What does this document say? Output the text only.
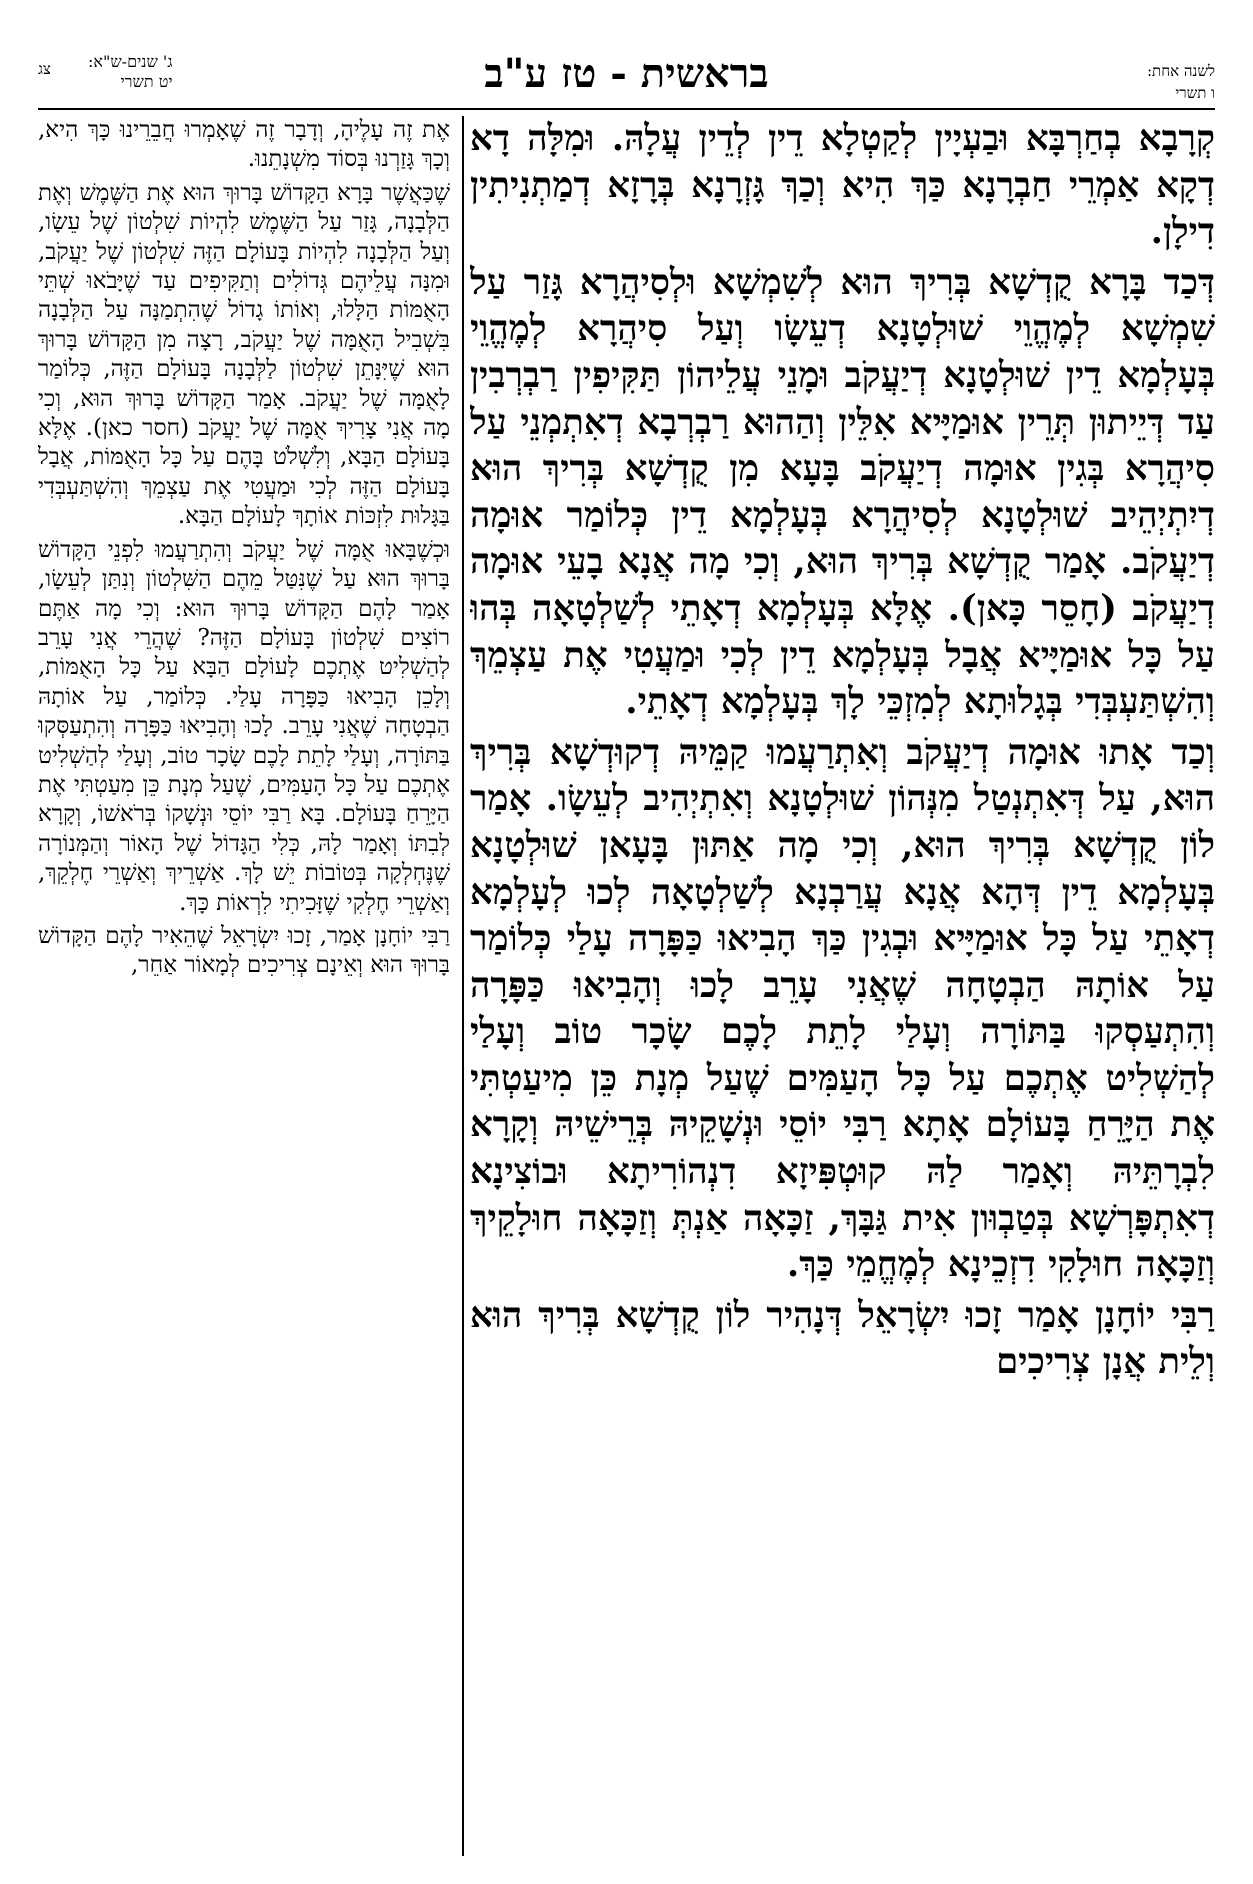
לשנה אחת:
ו תשרי
בראשית - טז ע"ב
צג ג' שנים-ש"א:
יט תשרי

קְרָבָא בְחַרְבָּא וּבַעְיָין לְקַטְלָא דֵין לְדֵין עֲלָהּ. וּמִלָּה דָא דְקָא אַמְרֵי חַבְרָנָא כַּךְ הִיא וְכַךְ גָּזְרָנָא בְּרָזָא דְמַתְנִיתִין דִילָן.

דְּכַד בָּרָא קֻדְשָׁא בְּרִיךְ הוּא לְשִׁמְשָׁא וּלְסִיהֲרָא גָּזַר עַל שִׁמְשָׁא לְמֶהֱוֵי שׁוּלְטָנָא דְעֵשָׂו וְעַל סִיהֲרָא לְמֶהֱוֵי בְּעָלְמָא דֵין שׁוּלְטָנָא דְיַעֲקֹב וּמָנֵי עֲלֵיהוֹן תַּקִּיפִין רַבְרְבִין עַד דְּיֵיתוּן תְּרֵין אוּמַיָּיא אִלֵּין וְהַהוּא רַבְרְבָא דְאִתְמְנֵי עַל סִיהֲרָא בְּגִין אוּמָה דְיַעֲקֹב בָּעָא מִן קֻדְשָׁא בְּרִיךְ הוּא דְיִתְיְהֵיב שׁוּלְטָנָא לְסִיהֲרָא בְּעָלְמָא דֵין כְּלוֹמַר אוּמָה דְיַעֲקֹב. אָמַר קֻדְשָׁא בְּרִיךְ הוּא, וְכִי מָה אֲנָא בָעֵי אוּמָה דְיַעֲקֹב (חָסֵר כָּאן). אֶלָּא בְּעָלְמָא דְאָתֵי לְשַׁלְטָאָה בְּהוּ עַל כָּל אוּמַיָּיא אֲבָל בְּעָלְמָא דֵין לְכִי וּמַעֲטִי אֶת עַצְמֵךְ וְהִשְׁתַּעְבְּדִי בְּגָלוּתָא לְמִזְכֵּי לָךְ בְּעָלְמָא דְאָתֵי.

וְכַד אָתוּ אוּמָה דְיַעֲקֹב וְאִתְרַעֲמוּ קַמֵּיהּ דְקוּדְשָׁא בְּרִיךְ הוּא, עַל דְּאִתְנְטַל מִנְּהוֹן שׁוּלְטָנָא וְאִתְיְהִיב לְעֵשָׂו. אָמַר לוֹן קֻדְשָׁא בְּרִיךְ הוּא, וְכִי מָה אַתּוּן בָּעָאן שׁוּלְטָנָא בְּעָלְמָא דֵין דְּהָא אֲנָא עֲרַבְנָא לְשַׁלְטָאָה לְכוּ לְעָלְמָא דְאָתֵי עַל כָּל אוּמַיָּיא וּבְגִין כַּךְ הָבִיאוּ כַּפָּרָה עָלַי כְּלוֹמַר עַל אוֹתָהּ הַבְטָחָה שֶׁאֲנִי עָרֵב לָכוּ וְהָבִיאוּ כַּפָּרָה וְהִתְעַסְקוּ בַּתּוֹרָה וְעָלַי לָתֵת לָכֶם שָׂכָר טוֹב וְעָלַי לְהַשְׁלִיט אֶתְכֶם עַל כָּל הָעַמִּים שֶׁעַל מְנָת כֵּן מִיעַטְתִּי אֶת הַיָּרֵחַ בָּעוֹלָם אָתָא רַבִּי יוֹסֵי וּנְשָׁקֵיהּ בְּרֵישֵׁיהּ וְקָרָא לִבְרָתֵּיהּ וְאָמַר לַהּ קוּטְפִּיזָא דִנְהוֹרִיתָא וּבוֹצִינָא דְאִתְפָּרְשָׁא בְּטַבְוּון אִית גַּבָּךְ, זַכָּאָה אַנְתְּ וְזַכָּאָה חוּלָקֵיךְ וְזַכָּאָה חוּלָקִי דִזְכֵינָא לְמֶחֱמֵי כַּךְ.

רַבִּי יוֹחָנָן אָמַר זָכוּ יִשְׂרָאֵל דְּנָהִיר לוֹן קֻדְשָׁא בְּרִיךְ הוּא וְלֵית אֲנָן צְרִיכִים

אֶת זֶה עָלֶיהָ, וְדָבָר זֶה שֶׁאָמְרוּ חֲבֵרֵינוּ כָּךְ הִיא, וְכָךְ גָּזַרְנוּ בְּסוֹד מִשְׁנָתֵנוּ.

שֶׁכַּאֲשֶׁר בָּרָא הַקָּדוֹשׁ בָּרוּךְ הוּא אֶת הַשֶּׁמֶשׁ וְאֶת הַלְּבָנָה, גָּזַר עַל הַשֶּׁמֶשׁ לִהְיוֹת שִׁלְטוֹן שֶׁל עֵשָׂו, וְעַל הַלְּבָנָה לִהְיוֹת בָּעוֹלָם הַזֶּה שִׁלְטוֹן שֶׁל יַעֲקֹב, וּמִנָּה עֲלֵיהֶם גְּדוֹלִים וְתַקִּיפִים עַד שֶׁיָּבֹאוּ שְׁתֵּי הָאֻמּוֹת הַלָּלוּ, וְאוֹתוֹ גָדוֹל שֶׁהִתְמַנָּה עַל הַלְּבָנָה בִּשְׁבִיל הָאֻמָּה שֶׁל יַעֲקֹב, רָצָה מִן הַקָּדוֹשׁ בָּרוּךְ הוּא שֶׁיִּנָּתֵן שִׁלְטוֹן לַלְּבָנָה בָּעוֹלָם הַזֶּה, כְּלוֹמַר לָאֻמָּה שֶׁל יַעֲקֹב. אָמַר הַקָּדוֹשׁ בָּרוּךְ הוּא, וְכִי מָה אֲנִי צָרִיךְ אֻמָּה שֶׁל יַעֲקֹב (חסר כאן). אֶלָּא בָּעוֹלָם הַבָּא, וְלִשְׁלֹט בָּהֶם עַל כָּל הָאֻמּוֹת, אֲבָל בָּעוֹלָם הַזֶּה לְכִי וּמַעֲטִי אֶת עַצְמֵךְ וְהִשְׁתַּעְבְּדִי בַּגָּלוּת לִזְכּוֹת אוֹתָךְ לָעוֹלָם הַבָּא.

וּכְשֶׁבָּאוּ אֻמָּה שֶׁל יַעֲקֹב וְהִתְרַעֲמוּ לִפְנֵי הַקָּדוֹשׁ בָּרוּךְ הוּא עַל שֶׁנִּטַּל מֵהֶם הַשִּׁלְטוֹן וְנִתַּן לְעֵשָׂו, אָמַר לָהֶם הַקָּדוֹשׁ בָּרוּךְ הוּא: וְכִי מָה אַתֶּם רוֹצִים שִׁלְטוֹן בָּעוֹלָם הַזֶּה? שֶׁהֲרֵי אֲנִי עָרֵב לְהַשְׁלִיט אֶתְכֶם לָעוֹלָם הַבָּא עַל כָּל הָאֻמּוֹת, וְלָכֵן הָבִיאוּ כַּפָּרָה עָלַי. כְּלוֹמַר, עַל אוֹתָהּ הַבְטָחָה שֶׁאֲנִי עָרֵב. לָכוּ וְהָבִיאוּ כַּפָּרָה וְהִתְעַסְּקוּ בַּתּוֹרָה, וְעָלַי לָתֵת לָכֶם שָׂכָר טוֹב, וְעָלַי לְהַשְׁלִיט אֶתְכֶם עַל כָּל הָעַמִּים, שֶׁעַל מְנָת כֵּן מִעַטְתִּי אֶת הַיָּרֵחַ בָּעוֹלָם. בָּא רַבִּי יוֹסֵי וּנְשָׁקוֹ בְּרֹאשׁוֹ, וְקָרָא לְבִתּוֹ וְאָמַר לָהּ, כְּלִי הַגָּדוֹל שֶׁל הָאוֹר וְהַמְּנוֹרָה שֶׁנֶּחְלְקָה בְּטוֹבוֹת יֵשׁ לָךְ. אַשְׁרֵיךְ וְאַשְׁרֵי חֶלְקֵךְ, וְאַשְׁרֵי חֶלְקִי שֶׁזָּכִיתִי לִרְאוֹת כָּךְ.

רַבִּי יוֹחָנָן אָמַר, זָכוּ יִשְׂרָאֵל שֶׁהֵאִיר לָהֶם הַקָּדוֹשׁ בָּרוּךְ הוּא וְאֵינָם צְרִיכִים לְמָאוֹר אַחֵר,
